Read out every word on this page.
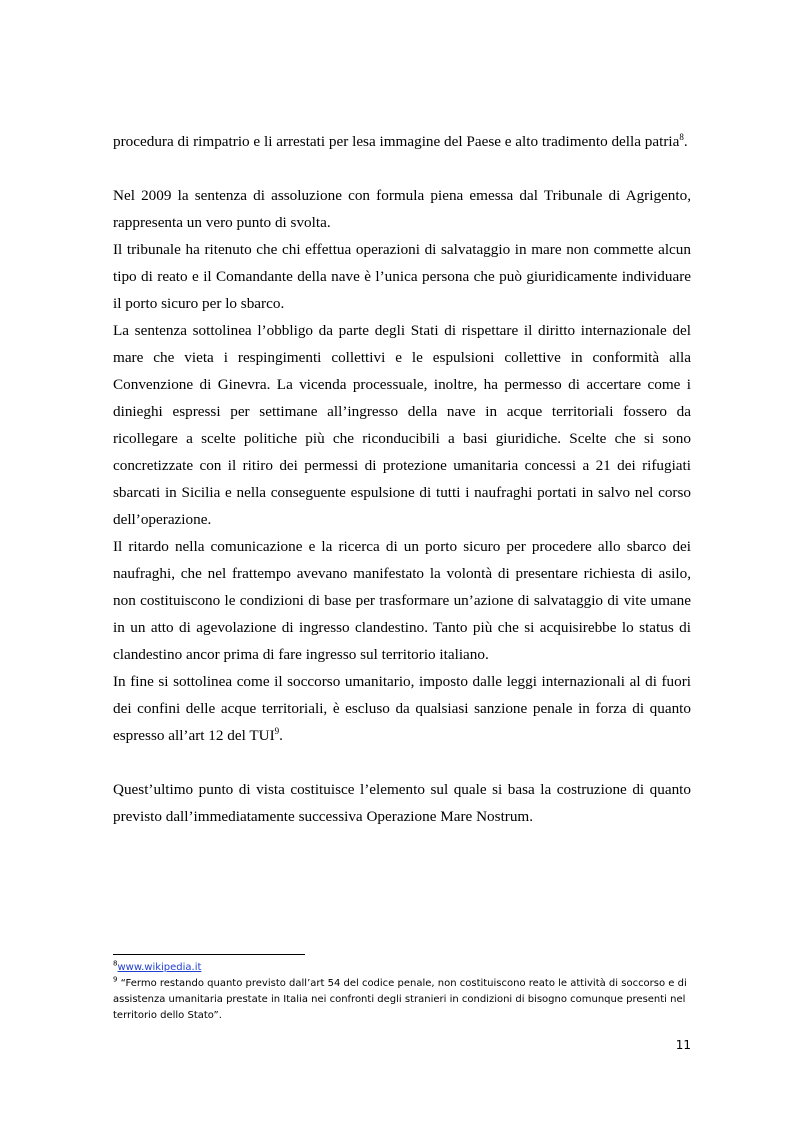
procedura di rimpatrio e li arrestati per lesa immagine del Paese e alto tradimento della patria$^8$.

Nel 2009 la sentenza di assoluzione con formula piena emessa dal Tribunale di Agrigento, rappresenta un vero punto di svolta.

Il tribunale ha ritenuto che chi effettua operazioni di salvataggio in mare non commette alcun tipo di reato e il Comandante della nave è l’unica persona che può giuridicamente individuare il porto sicuro per lo sbarco.

La sentenza sottolinea l’obbligo da parte degli Stati di rispettare il diritto internazionale del mare che vieta i respingimenti collettivi e le espulsioni collettive in conformità alla Convenzione di Ginevra. La vicenda processuale, inoltre, ha permesso di accertare come i dinieghi espressi per settimane all’ingresso della nave in acque territoriali fossero da ricollegare a scelte politiche più che riconducibili a basi giuridiche. Scelte che si sono concretizzate con il ritiro dei permessi di protezione umanitaria concessi a 21 dei rifugiati sbarcati in Sicilia e nella conseguente espulsione di tutti i naufraghi portati in salvo nel corso dell’operazione.

Il ritardo nella comunicazione e la ricerca di un porto sicuro per procedere allo sbarco dei naufraghi, che nel frattempo avevano manifestato la volontà di presentare richiesta di asilo, non costituiscono le condizioni di base per trasformare un’azione di salvataggio di vite umane in un atto di agevolazione di ingresso clandestino. Tanto più che si acquisirebbe lo status di clandestino ancor prima di fare ingresso sul territorio italiano.

In fine si sottolinea come il soccorso umanitario, imposto dalle leggi internazionali al di fuori dei confini delle acque territoriali, è escluso da qualsiasi sanzione penale in forza di quanto espresso all’art 12 del TUI$^9$.

Quest’ultimo punto di vista costituisce l’elemento sul quale si basa la costruzione di quanto previsto dall’immediatamente successiva Operazione Mare Nostrum.

$^8$www.wikipedia.it

$^9$ “Fermo restando quanto previsto dall’art 54 del codice penale, non costituiscono reato le attività di soccorso e di assistenza umanitaria prestate in Italia nei confronti degli stranieri in condizioni di bisogno comunque presenti nel territorio dello Stato”.

11
